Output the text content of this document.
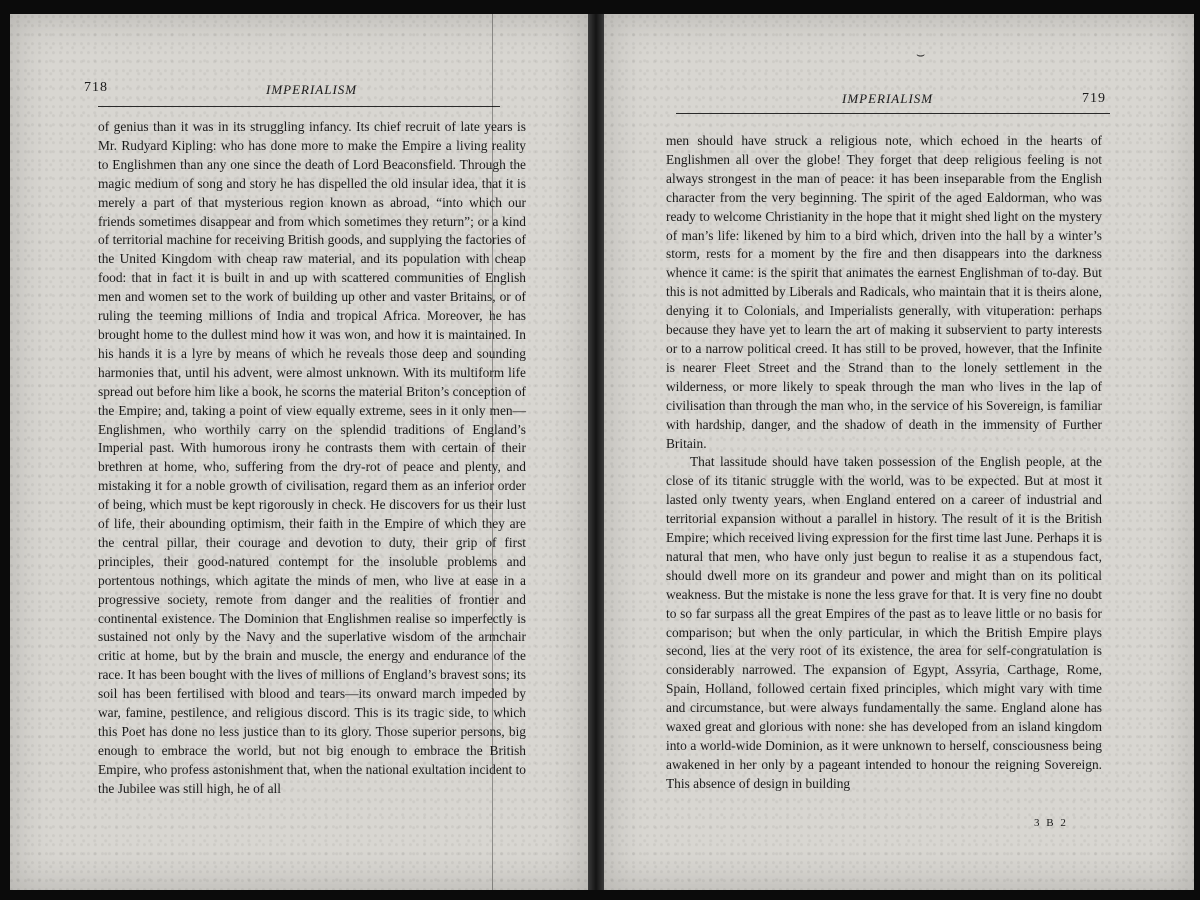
718	IMPERIALISM

of genius than it was in its struggling infancy. Its chief recruit of late years is Mr. Rudyard Kipling: who has done more to make the Empire a living reality to Englishmen than any one since the death of Lord Beaconsfield. Through the magic medium of song and story he has dispelled the old insular idea, that it is merely a part of that mysterious region known as abroad, “into which our friends sometimes disappear and from which sometimes they return”; or a kind of territorial machine for receiving British goods, and supplying the factories of the United Kingdom with cheap raw material, and its population with cheap food: that in fact it is built in and up with scattered communities of English men and women set to the work of building up other and vaster Britains, or of ruling the teeming millions of India and tropical Africa. Moreover, he has brought home to the dullest mind how it was won, and how it is maintained. In his hands it is a lyre by means of which he reveals those deep and sounding harmonies that, until his advent, were almost unknown. With its multiform life spread out before him like a book, he scorns the material Briton’s conception of the Empire; and, taking a point of view equally extreme, sees in it only men—Englishmen, who worthily carry on the splendid traditions of England’s Imperial past. With humorous irony he contrasts them with certain of their brethren at home, who, suffering from the dry-rot of peace and plenty, and mistaking it for a noble growth of civilisation, regard them as an inferior order of being, which must be kept rigorously in check. He discovers for us their lust of life, their abounding optimism, their faith in the Empire of which they are the central pillar, their courage and devotion to duty, their grip of first principles, their good-natured contempt for the insoluble problems and portentous nothings, which agitate the minds of men, who live at ease in a progressive society, remote from danger and the realities of frontier and continental existence. The Dominion that Englishmen realise so imperfectly is sustained not only by the Navy and the superlative wisdom of the armchair critic at home, but by the brain and muscle, the energy and endurance of the race. It has been bought with the lives of millions of England’s bravest sons; its soil has been fertilised with blood and tears—its onward march impeded by war, famine, pestilence, and religious discord. This is its tragic side, to which this Poet has done no less justice than to its glory. Those superior persons, big enough to embrace the world, but not big enough to embrace the British Empire, who profess astonishment that, when the national exultation incident to the Jubilee was still high, he of all

⌣
IMPERIALISM	719

men should have struck a religious note, which echoed in the hearts of Englishmen all over the globe! They forget that deep religious feeling is not always strongest in the man of peace: it has been inseparable from the English character from the very beginning. The spirit of the aged Ealdorman, who was ready to welcome Christianity in the hope that it might shed light on the mystery of man’s life: likened by him to a bird which, driven into the hall by a winter’s storm, rests for a moment by the fire and then disappears into the darkness whence it came: is the spirit that animates the earnest Englishman of to-day. But this is not admitted by Liberals and Radicals, who maintain that it is theirs alone, denying it to Colonials, and Imperialists generally, with vituperation: perhaps because they have yet to learn the art of making it subservient to party interests or to a narrow political creed. It has still to be proved, however, that the Infinite is nearer Fleet Street and the Strand than to the lonely settlement in the wilderness, or more likely to speak through the man who lives in the lap of civilisation than through the man who, in the service of his Sovereign, is familiar with hardship, danger, and the shadow of death in the immensity of Further Britain.

That lassitude should have taken possession of the English people, at the close of its titanic struggle with the world, was to be expected. But at most it lasted only twenty years, when England entered on a career of industrial and territorial expansion without a parallel in history. The result of it is the British Empire; which received living expression for the first time last June. Perhaps it is natural that men, who have only just begun to realise it as a stupendous fact, should dwell more on its grandeur and power and might than on its political weakness. But the mistake is none the less grave for that. It is very fine no doubt to so far surpass all the great Empires of the past as to leave little or no basis for comparison; but when the only particular, in which the British Empire plays second, lies at the very root of its existence, the area for self-congratulation is considerably narrowed. The expansion of Egypt, Assyria, Carthage, Rome, Spain, Holland, followed certain fixed principles, which might vary with time and circumstance, but were always fundamentally the same. England alone has waxed great and glorious with none: she has developed from an island kingdom into a world-wide Dominion, as it were unknown to herself, consciousness being awakened in her only by a pageant intended to honour the reigning Sovereign. This absence of design in building

3 B 2
